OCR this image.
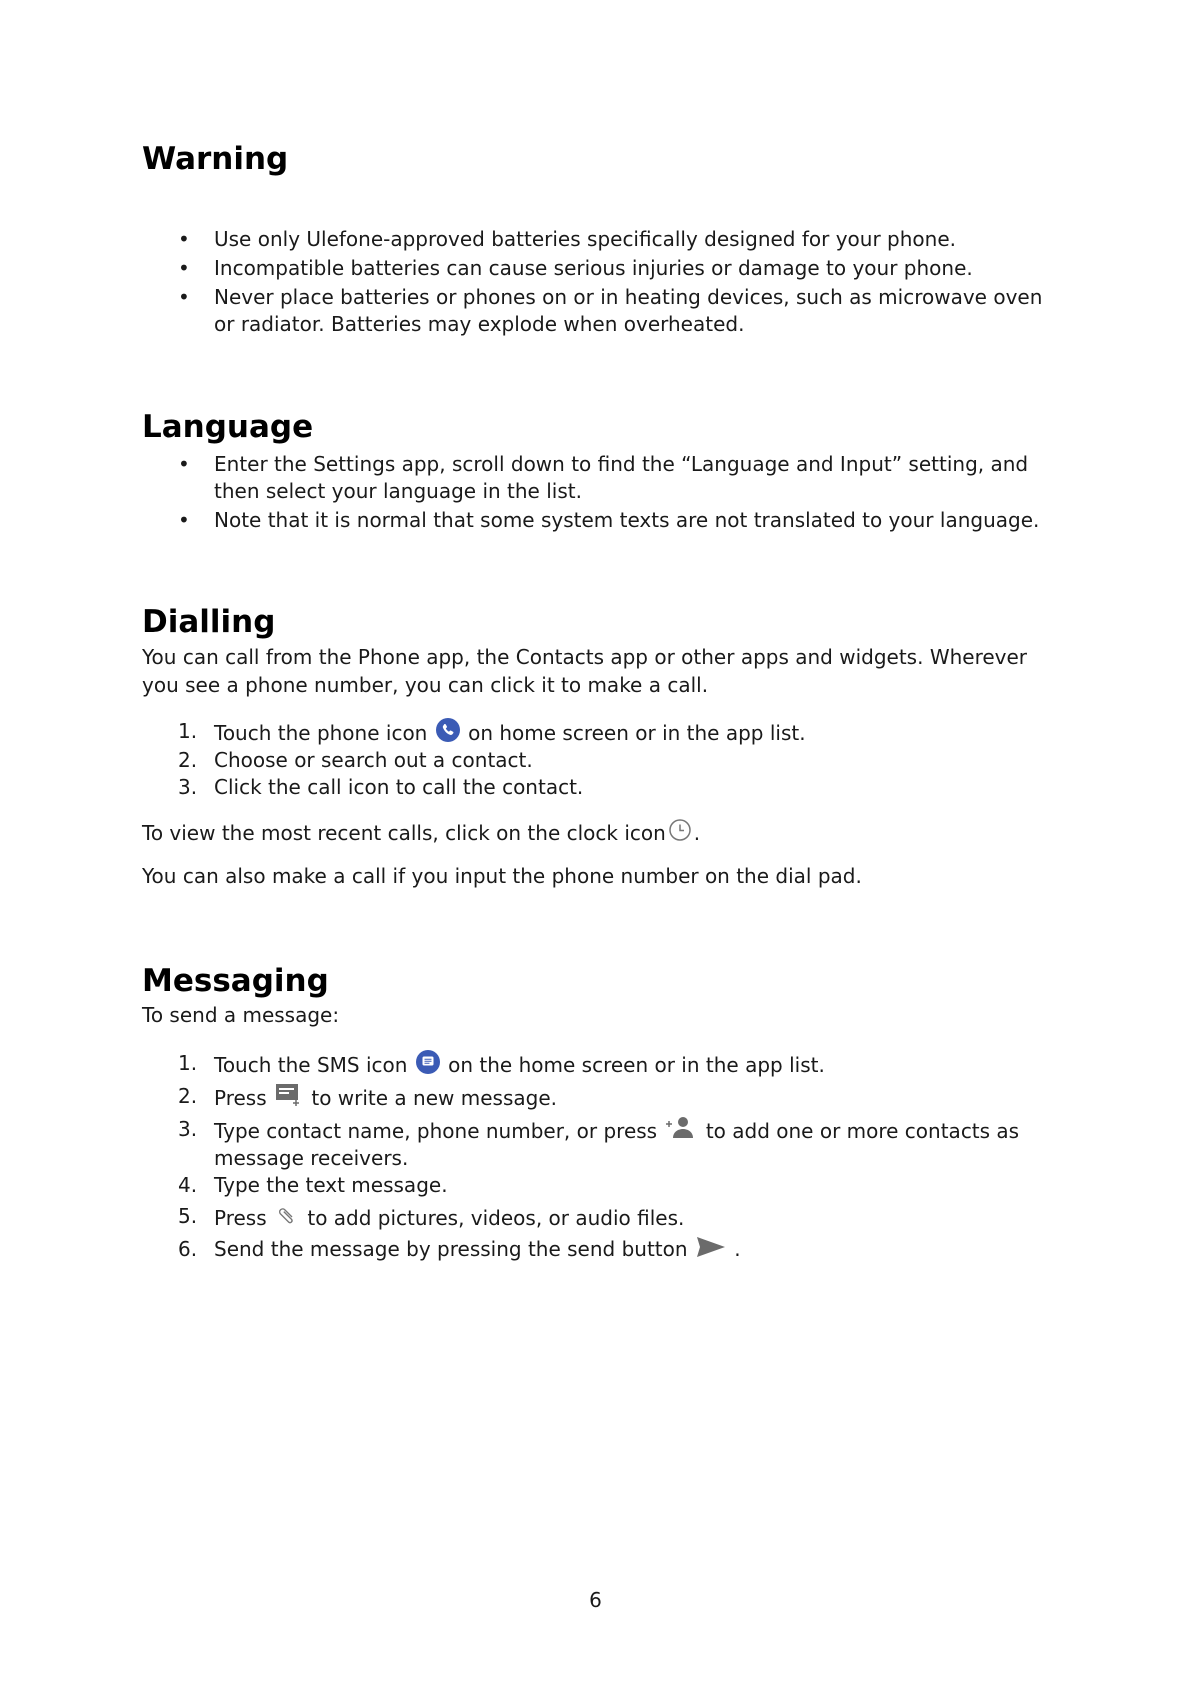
Warning
• Use only Ulefone-approved batteries specifically designed for your phone.
• Incompatible batteries can cause serious injuries or damage to your phone.
• Never place batteries or phones on or in heating devices, such as microwave oven or radiator. Batteries may explode when overheated.
Language
• Enter the Settings app, scroll down to find the “Language and Input” setting, and then select your language in the list.
• Note that it is normal that some system texts are not translated to your language.
Dialling

You can call from the Phone app, the Contacts app or other apps and widgets. Wherever you see a phone number, you can click it to make a call.

1. Touch the phone icon on home screen or in the app list.
2. Choose or search out a contact.
3. Click the call icon to call the contact.

To view the most recent calls, click on the clock icon .

You can also make a call if you input the phone number on the dial pad.

Messaging

To send a message:

1. Touch the SMS icon on the home screen or in the app list.
2. Press to write a new message.
3. Type contact name, phone number, or press to add one or more contacts as message receivers.
4. Type the text message.
5. Press to add pictures, videos, or audio files.
6. Send the message by pressing the send button .
6
